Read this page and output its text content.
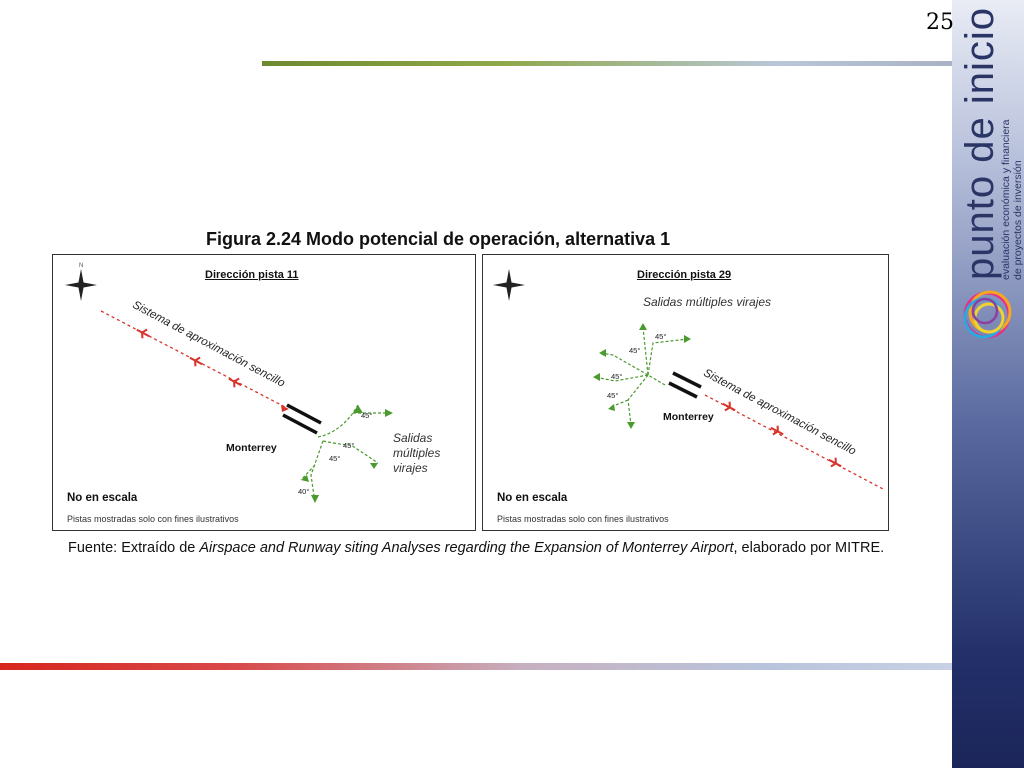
punto de inicio
evaluación económica y financiera de proyectos de inversión
25
Figura 2.24 Modo potencial de operación, alternativa 1
N
Dirección pista 11
Sistema de aproximación sencillo
Monterrey
Salidas
múltiples
virajes
45°
45°
45°
40°
No en escala
Pistas mostradas solo con fines ilustrativos
Dirección pista 29
Salidas múltiples virajes
Sistema de aproximación sencillo
Monterrey
45°
45°
45°
45°
No en escala
Pistas mostradas solo con fines ilustrativos
Fuente: Extraído de Airspace and Runway siting Analyses regarding the Expansion of Monterrey Airport, elaborado por MITRE.
